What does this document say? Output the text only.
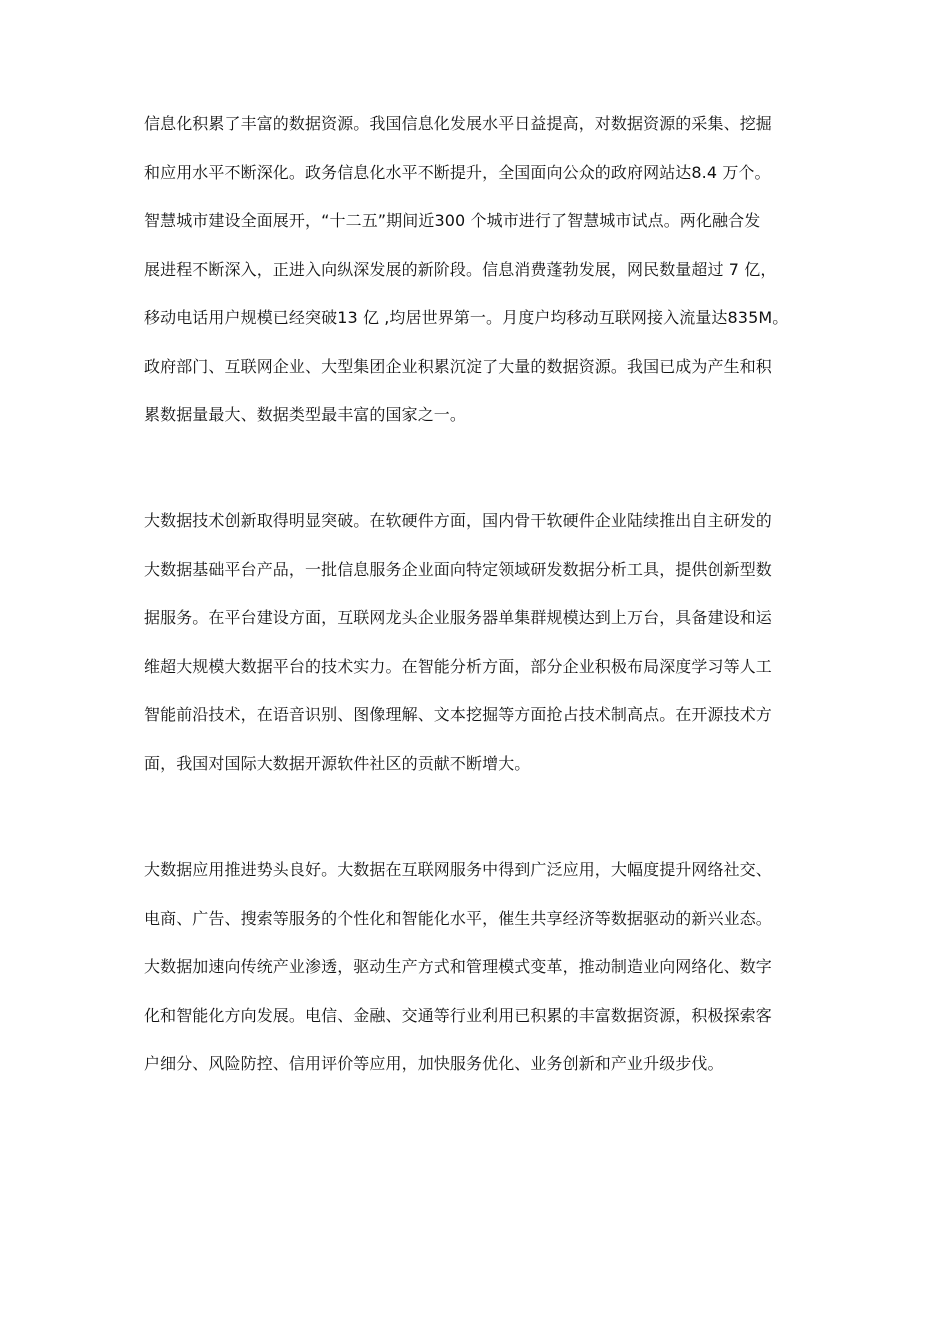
信息化积累了丰富的数据资源。我国信息化发展水平日益提高，对数据资源的采集、挖掘
和应用水平不断深化。政务信息化水平不断提升，全国面向公众的政府网站达8.4 万个。
智慧城市建设全面展开，“十二五”期间近300 个城市进行了智慧城市试点。两化融合发
展进程不断深入，正进入向纵深发展的新阶段。信息消费蓬勃发展，网民数量超过 7 亿，
移动电话用户规模已经突破13 亿 ,均居世界第一。月度户均移动互联网接入流量达835M。
政府部门、互联网企业、大型集团企业积累沉淀了大量的数据资源。我国已成为产生和积
累数据量最大、数据类型最丰富的国家之一。
大数据技术创新取得明显突破。在软硬件方面，国内骨干软硬件企业陆续推出自主研发的
大数据基础平台产品，一批信息服务企业面向特定领域研发数据分析工具，提供创新型数
据服务。在平台建设方面，互联网龙头企业服务器单集群规模达到上万台，具备建设和运
维超大规模大数据平台的技术实力。在智能分析方面，部分企业积极布局深度学习等人工
智能前沿技术，在语音识别、图像理解、文本挖掘等方面抢占技术制高点。在开源技术方
面，我国对国际大数据开源软件社区的贡献不断增大。
大数据应用推进势头良好。大数据在互联网服务中得到广泛应用，大幅度提升网络社交、
电商、广告、搜索等服务的个性化和智能化水平，催生共享经济等数据驱动的新兴业态。
大数据加速向传统产业渗透，驱动生产方式和管理模式变革，推动制造业向网络化、数字
化和智能化方向发展。电信、金融、交通等行业利用已积累的丰富数据资源，积极探索客
户细分、风险防控、信用评价等应用，加快服务优化、业务创新和产业升级步伐。
